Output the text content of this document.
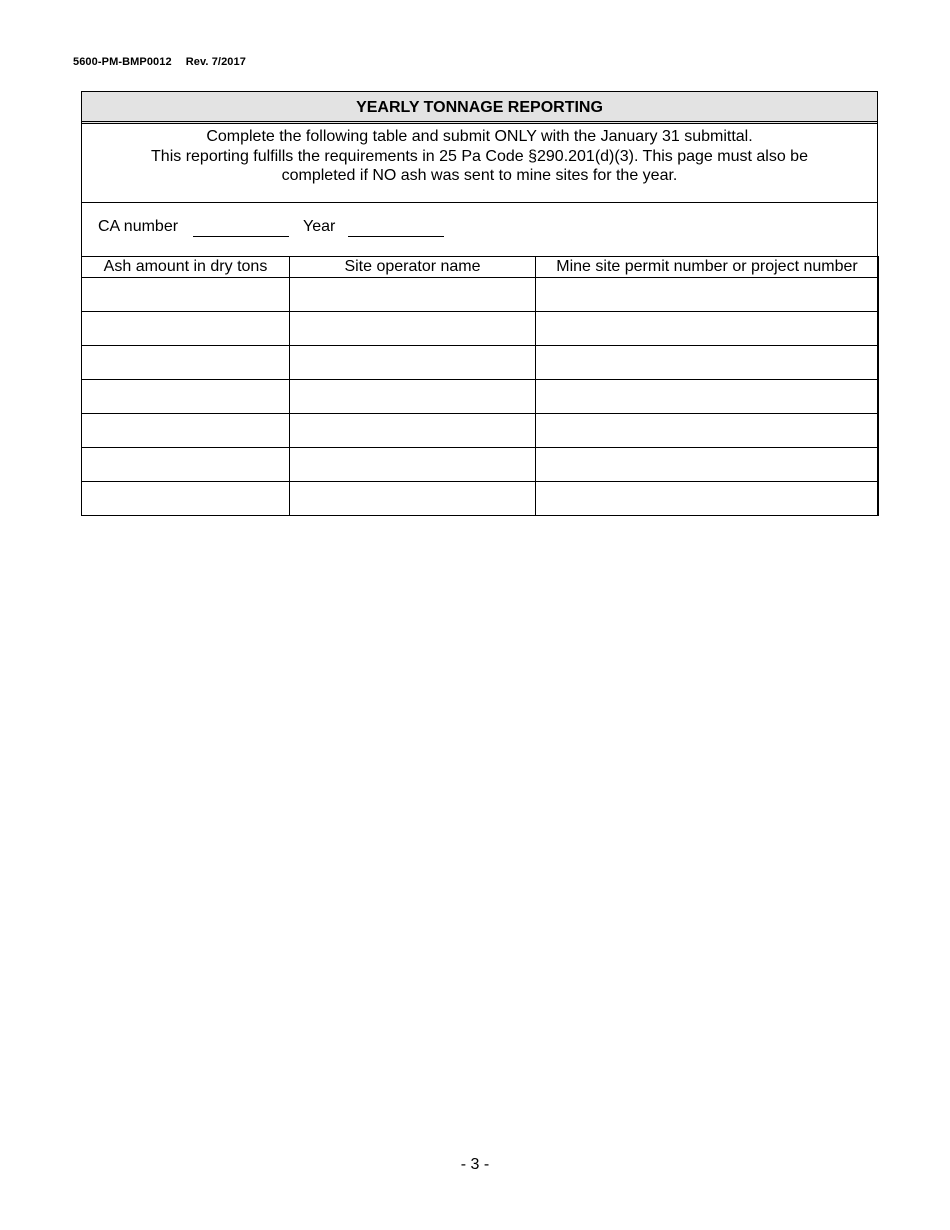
5600-PM-BMP0012 Rev. 7/2017
YEARLY TONNAGE REPORTING
Complete the following table and submit ONLY with the January 31 submittal.
This reporting fulfills the requirements in 25 Pa Code §290.201(d)(3). This page must also be
completed if NO ash was sent to mine sites for the year.
CA number	Year
Ash amount in dry tons	Site operator name	Mine site permit number or project number

- 3 -
